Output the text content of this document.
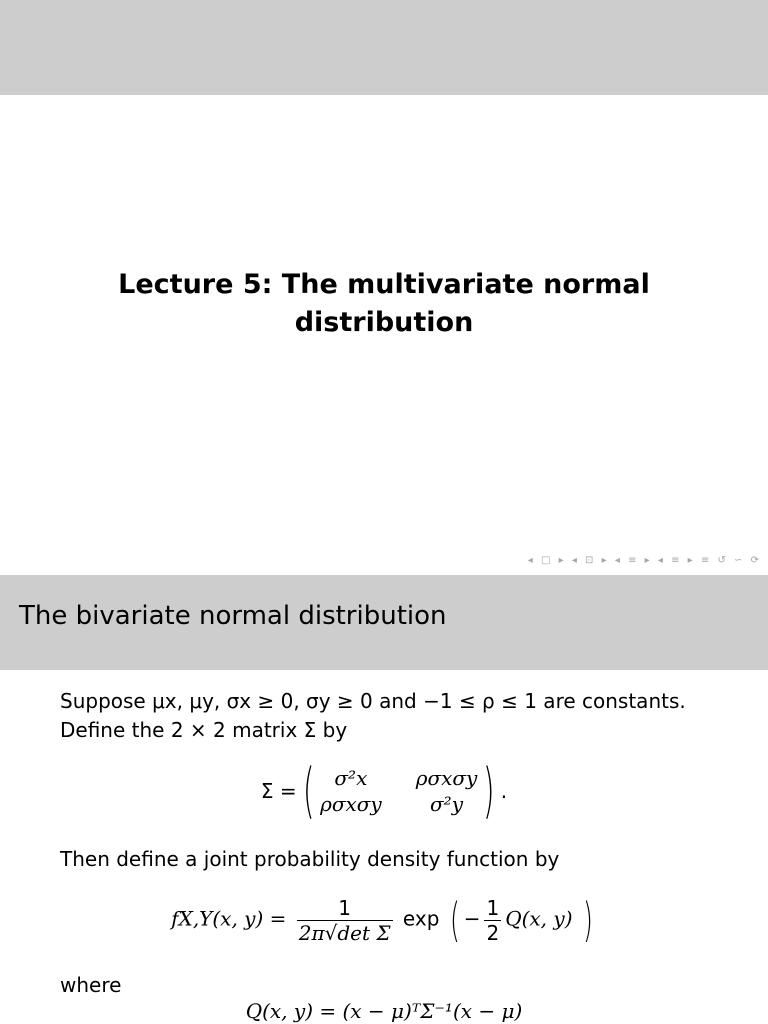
Lecture 5: The multivariate normal
distribution
◂ □ ▸ ◂ ⊡ ▸ ◂ ≡ ▸ ◂ ≡ ▸ ≡ ↺ ∽ ⟳
The bivariate normal distribution

Suppose μx, μy, σx ≥ 0, σy ≥ 0 and −1 ≤ ρ ≤ 1 are constants.

Define the 2 × 2 matrix Σ by

Σ = (	σ²x	ρσxσy
ρσxσy	σ²y ) .

Then define a joint probability density function by

fX,Y(x, $y) = \frac{1}{\text{2π√det Σ}}$ exp ( − $\frac{1}{2} Q(x$, y) )

where

Q(x, y) = (x − μ)ᵀΣ⁻¹(x − μ)
